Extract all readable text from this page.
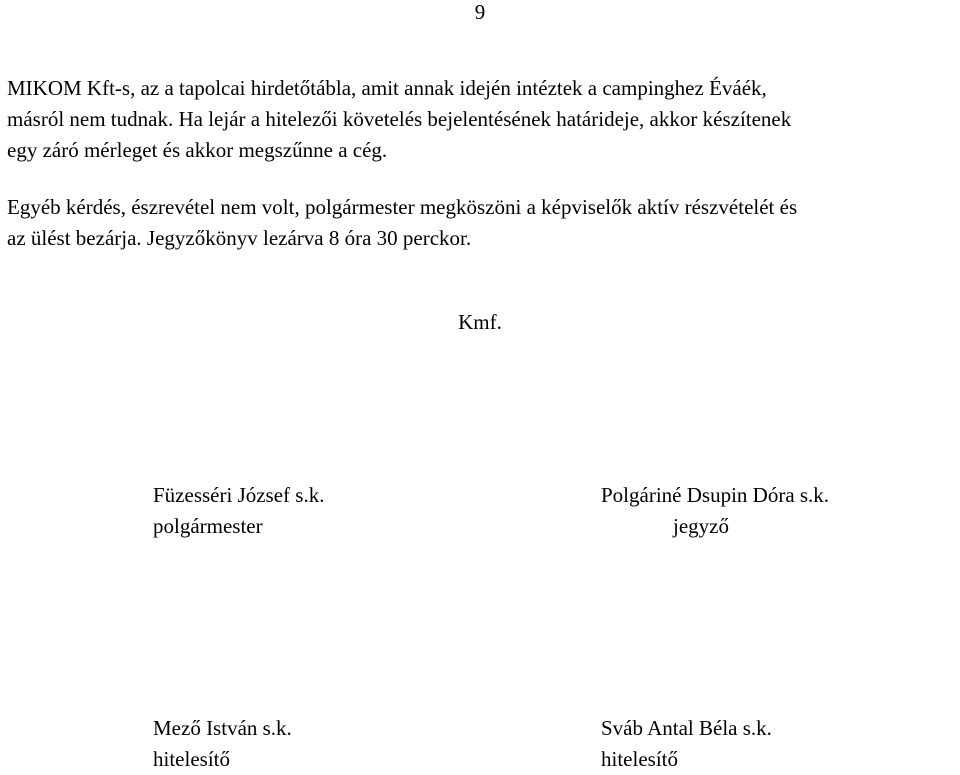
9

MIKOM Kft-s, az a tapolcai hirdetőtábla, amit annak idején intéztek a campinghez Éváék,
másról nem tudnak. Ha lejár a hitelezői követelés bejelentésének határideje, akkor készítenek
egy záró mérleget és akkor megszűnne a cég.

Egyéb kérdés, észrevétel nem volt, polgármester megköszöni a képviselők aktív részvételét és
az ülést bezárja. Jegyzőkönyv lezárva 8 óra 30 perckor.

Kmf.
Füzesséri József s.k.
polgármester
Polgáriné Dsupin Dóra s.k.
jegyző
Mező István s.k.
hitelesítő
Sváb Antal Béla s.k.
hitelesítő
